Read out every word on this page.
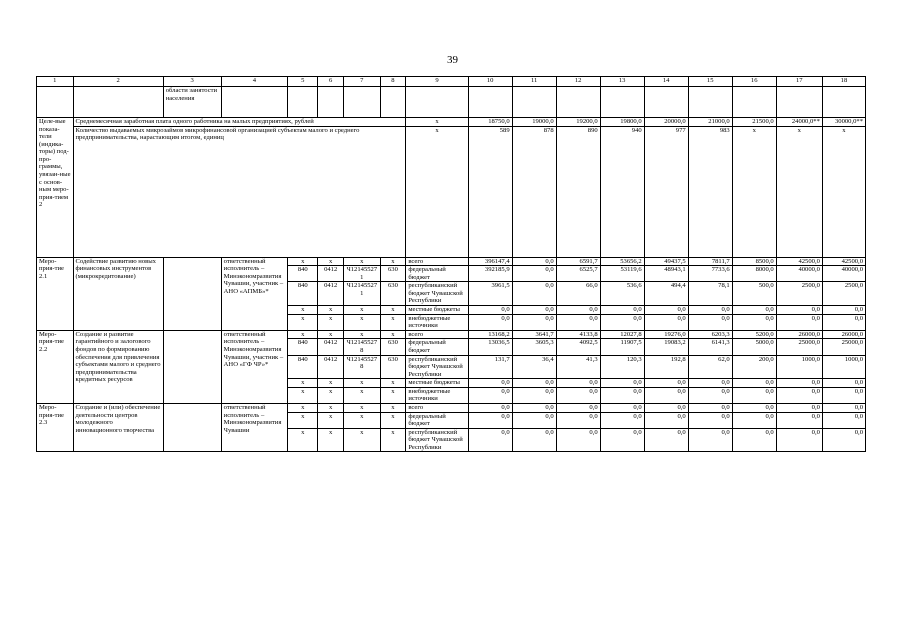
39
1	2	3	4	5	6	7	8	9	10	11	12	13	14	15	16	17	18
		области занятости населения															
Целе-вые показа-тели (индика-торы) под-про-граммы, увязан-ные с основ-ным меро-прия-тием 2	Среднемесячная заработная плата одного работника на малых предприятиях, рублей							x	18750,0	19000,0	19200,0	19800,0	20000,0	21000,0	21500,0	24000,0**	30000,0**
	Количество выдаваемых микрозаймов микрофинансовой организацией субъектам малого и среднего предпринимательства, нарастающим итогом, единиц							x	589	878	890	940	977	983	x	x	x
Меро-прия-тие 2.1	Содействие развитию новых финансовых инструментов (микрокредитование)		ответственный исполнитель – Минэкономразвития Чувашии, участник – АНО «АПМБ»*	x	x	x	x	всего	396147,4	0,0	6591,7	53656,2	49437,5	7811,7	8500,0	42500,0	42500,0
				840	0412	Ч121455271	630	федеральный бюджет	392185,9	0,0	6525,7	53119,6	48943,1	7733,6	8000,0	40000,0	40000,0
				840	0412	Ч121455271	630	республиканский бюджет Чувашской Республики	3961,5	0,0	66,0	536,6	494,4	78,1	500,0	2500,0	2500,0
				x	x	x	x	местные бюджеты	0,0	0,0	0,0	0,0	0,0	0,0	0,0	0,0	0,0
				x	x	x	x	внебюджетные источники	0,0	0,0	0,0	0,0	0,0	0,0	0,0	0,0	0,0
Меро-прия-тие 2.2	Создание и развитие гарантийного и залогового фондов по формированию обеспечения для привлечения субъектами малого и среднего предпринимательства кредитных ресурсов		ответственный исполнитель – Минэкономразвития Чувашии, участник – АНО «ГФ ЧР»*	x	x	x	x	всего	13168,2	3641,7	4133,8	12027,8	19276,0	6203,3	5200,0	26000,0	26000,0
				840	0412	Ч121455278	630	федеральный бюджет	13036,5	3605,3	4092,5	11907,5	19083,2	6141,3	5000,0	25000,0	25000,0
				840	0412	Ч121455278	630	республиканский бюджет Чувашской Республики	131,7	36,4	41,3	120,3	192,8	62,0	200,0	1000,0	1000,0
				x	x	x	x	местные бюджеты	0,0	0,0	0,0	0,0	0,0	0,0	0,0	0,0	0,0
				x	x	x	x	внебюджетные источники	0,0	0,0	0,0	0,0	0,0	0,0	0,0	0,0	0,0
Меро-прия-тие 2.3	Создание и (или) обеспечение деятельности центров молодежного инновационного творчества		ответственный исполнитель – Минэкономразвития Чувашии	x	x	x	x	всего	0,0	0,0	0,0	0,0	0,0	0,0	0,0	0,0	0,0
				x	x	x	x	федеральный бюджет	0,0	0,0	0,0	0,0	0,0	0,0	0,0	0,0	0,0
				x	x	x	x	республиканский бюджет Чувашской Республики	0,0	0,0	0,0	0,0	0,0	0,0	0,0	0,0	0,0
